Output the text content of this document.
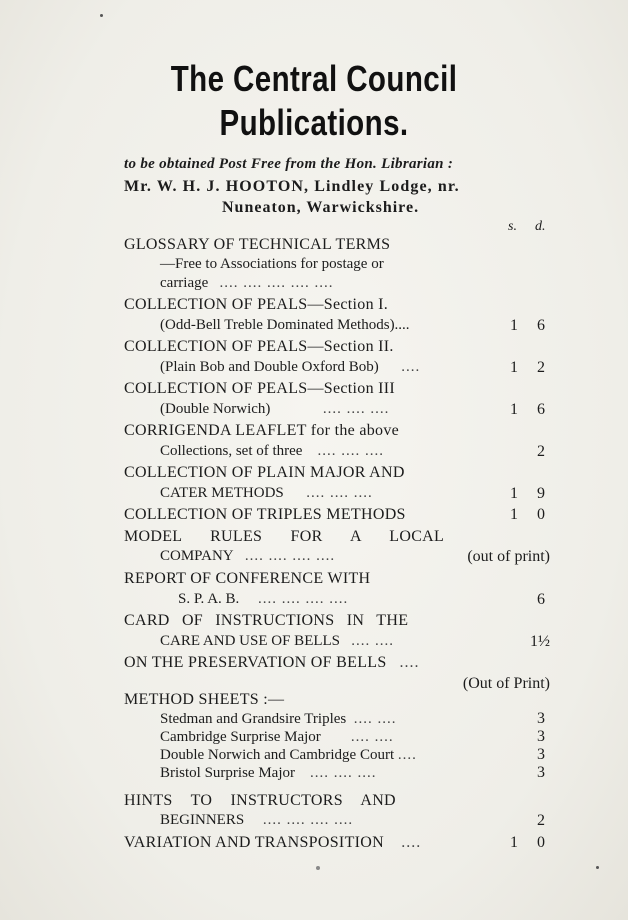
The Central Council
Publications.
to be obtained Post Free from the Hon. Librarian :
Mr. W. H. J. HOOTON, Lindley Lodge, nr.
Nuneaton, Warwickshire.
s. d.
GLOSSARY OF TECHNICAL TERMS
—Free to Associations for postage or
carriage .... .... .... .... ....
COLLECTION OF PEALS—Section I.
(Odd-Bell Treble Dominated Methods)....	1 6
COLLECTION OF PEALS—Section II.
(Plain Bob and Double Oxford Bob) ....	1 2
COLLECTION OF PEALS—Section III
(Double Norwich)	.... .... ....	1 6
CORRIGENDA LEAFLET for the above
Collections, set of three .... .... ....	2
COLLECTION OF PLAIN MAJOR AND
CATER METHODS .... .... ....	1 9
COLLECTION OF TRIPLES METHODS	1 0
MODEL RULES FOR A LOCAL
COMPANY .... .... .... ....	(out of print)
REPORT OF CONFERENCE WITH
S. P. A. B. .... .... .... ....	6
CARD OF INSTRUCTIONS IN THE
CARE AND USE OF BELLS .... ....	1½
ON THE PRESERVATION OF BELLS ....
(Out of Print)
METHOD SHEETS :—
Stedman and Grandsire Triples .... ....	3
Cambridge Surprise Major .... ....	3
Double Norwich and Cambridge Court ....	3
Bristol Surprise Major .... .... ....	3
HINTS TO INSTRUCTORS AND
BEGINNERS .... .... .... ....	2
VARIATION AND TRANSPOSITION ....	1 0
